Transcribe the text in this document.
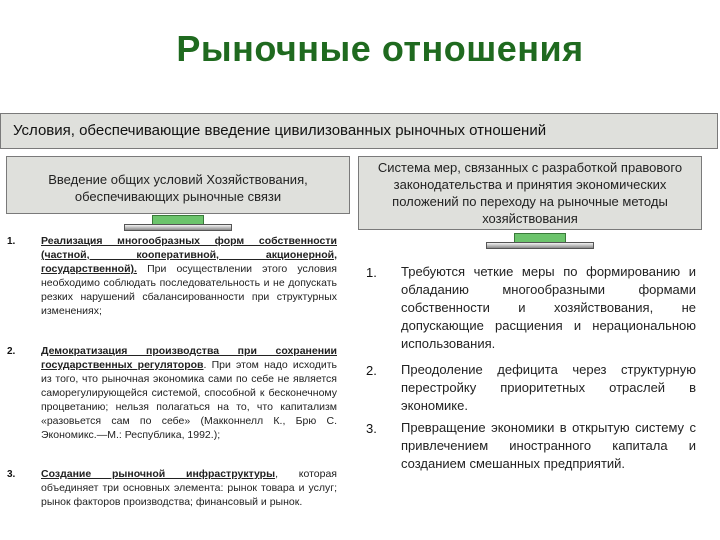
Рыночные отношения
Условия, обеспечивающие введение цивилизованных рыночных отношений
Введение общих условий Хозяйствования, обеспечивающих рыночные связи
Система мер, связанных с разработкой правового законодательства и принятия экономических положений по переходу на рыночные методы хозяйствования
1. Реализация многообразных форм собственности (частной, кооперативной, акционерной, государственной). При осуществлении этого условия необходимо соблюдать последовательность и не допускать резких нарушений сбалансированности при структурных изменениях;
2. Демократизация производства при сохранении государственных регуляторов. При этом надо исходить из того, что рыночная экономика сами по себе не является саморегулирующейся системой, способной к бесконечному процветанию; нельзя полагаться на то, что капитализм «разовьется сам по себе» (Макконнелл К., Брю С. Экономикс.—М.: Республика, 1992.);
3. Создание рыночной инфраструктуры, которая объединяет три основных элемента: рынок товара и услуг; рынок факторов производства; финансовый и рынок.
1. Требуются четкие меры по формированию и обладанию многообразными формами собственности и хозяйствования, не допускающие расщиения и нерациональною использования.
2. Преодоление дефицита через структурную перестройку приоритетных отраслей в экономике.
3. Превращение экономики в открытую систему с привлечением иностранного капитала и созданием смешанных предприятий.
